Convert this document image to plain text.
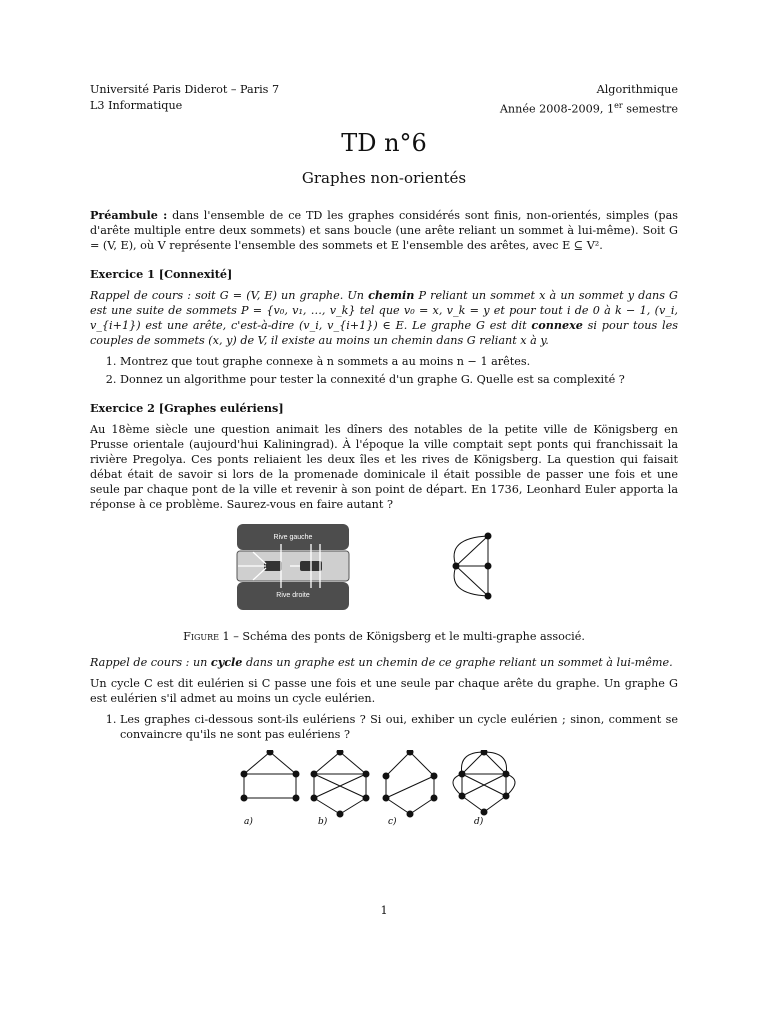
Université Paris Diderot – Paris 7
L3 Informatique
Algorithmique
Année 2008-2009, 1er semestre
TD n°6
Graphes non-orientés

Préambule : dans l'ensemble de ce TD les graphes considérés sont finis, non-orientés, simples (pas d'arête multiple entre deux sommets) et sans boucle (une arête reliant un sommet à lui-même). Soit G = (V, E), où V représente l'ensemble des sommets et E l'ensemble des arêtes, avec E ⊆ V².

Exercice 1 [Connexité]

Rappel de cours : soit G = (V, E) un graphe. Un chemin P reliant un sommet x à un sommet y dans G est une suite de sommets P = {v₀, v₁, …, v_k} tel que v₀ = x, v_k = y et pour tout i de 0 à k − 1, (v_i, v_{i+1}) est une arête, c'est-à-dire (v_i, v_{i+1}) ∈ E. Le graphe G est dit connexe si pour tous les couples de sommets (x, y) de V, il existe au moins un chemin dans G reliant x à y.

1. Montrez que tout graphe connexe à n sommets a au moins n − 1 arêtes.
2. Donnez un algorithme pour tester la connexité d'un graphe G. Quelle est sa complexité ?
Exercice 2 [Graphes eulériens]

Au 18ème siècle une question animait les dîners des notables de la petite ville de Königsberg en Prusse orientale (aujourd'hui Kaliningrad). À l'époque la ville comptait sept ponts qui franchissait la rivière Pregolya. Ces ponts reliaient les deux îles et les rives de Königsberg. La question qui faisait débat était de savoir si lors de la promenade dominicale il était possible de passer une fois et une seule par chaque pont de la ville et revenir à son point de départ. En 1736, Leonhard Euler apporta la réponse à ce problème. Saurez-vous en faire autant ?

Rive gauche
Rive droite
Figure 1 – Schéma des ponts de Königsberg et le multi-graphe associé.

Rappel de cours : un cycle dans un graphe est un chemin de ce graphe reliant un sommet à lui-même.

Un cycle C est dit eulérien si C passe une fois et une seule par chaque arête du graphe. Un graphe G est eulérien s'il admet au moins un cycle eulérien.

1. Les graphes ci-dessous sont-ils eulériens ? Si oui, exhiber un cycle eulérien ; sinon, comment se convaincre qu'ils ne sont pas eulériens ?
a)	b)	c)	d)
1
